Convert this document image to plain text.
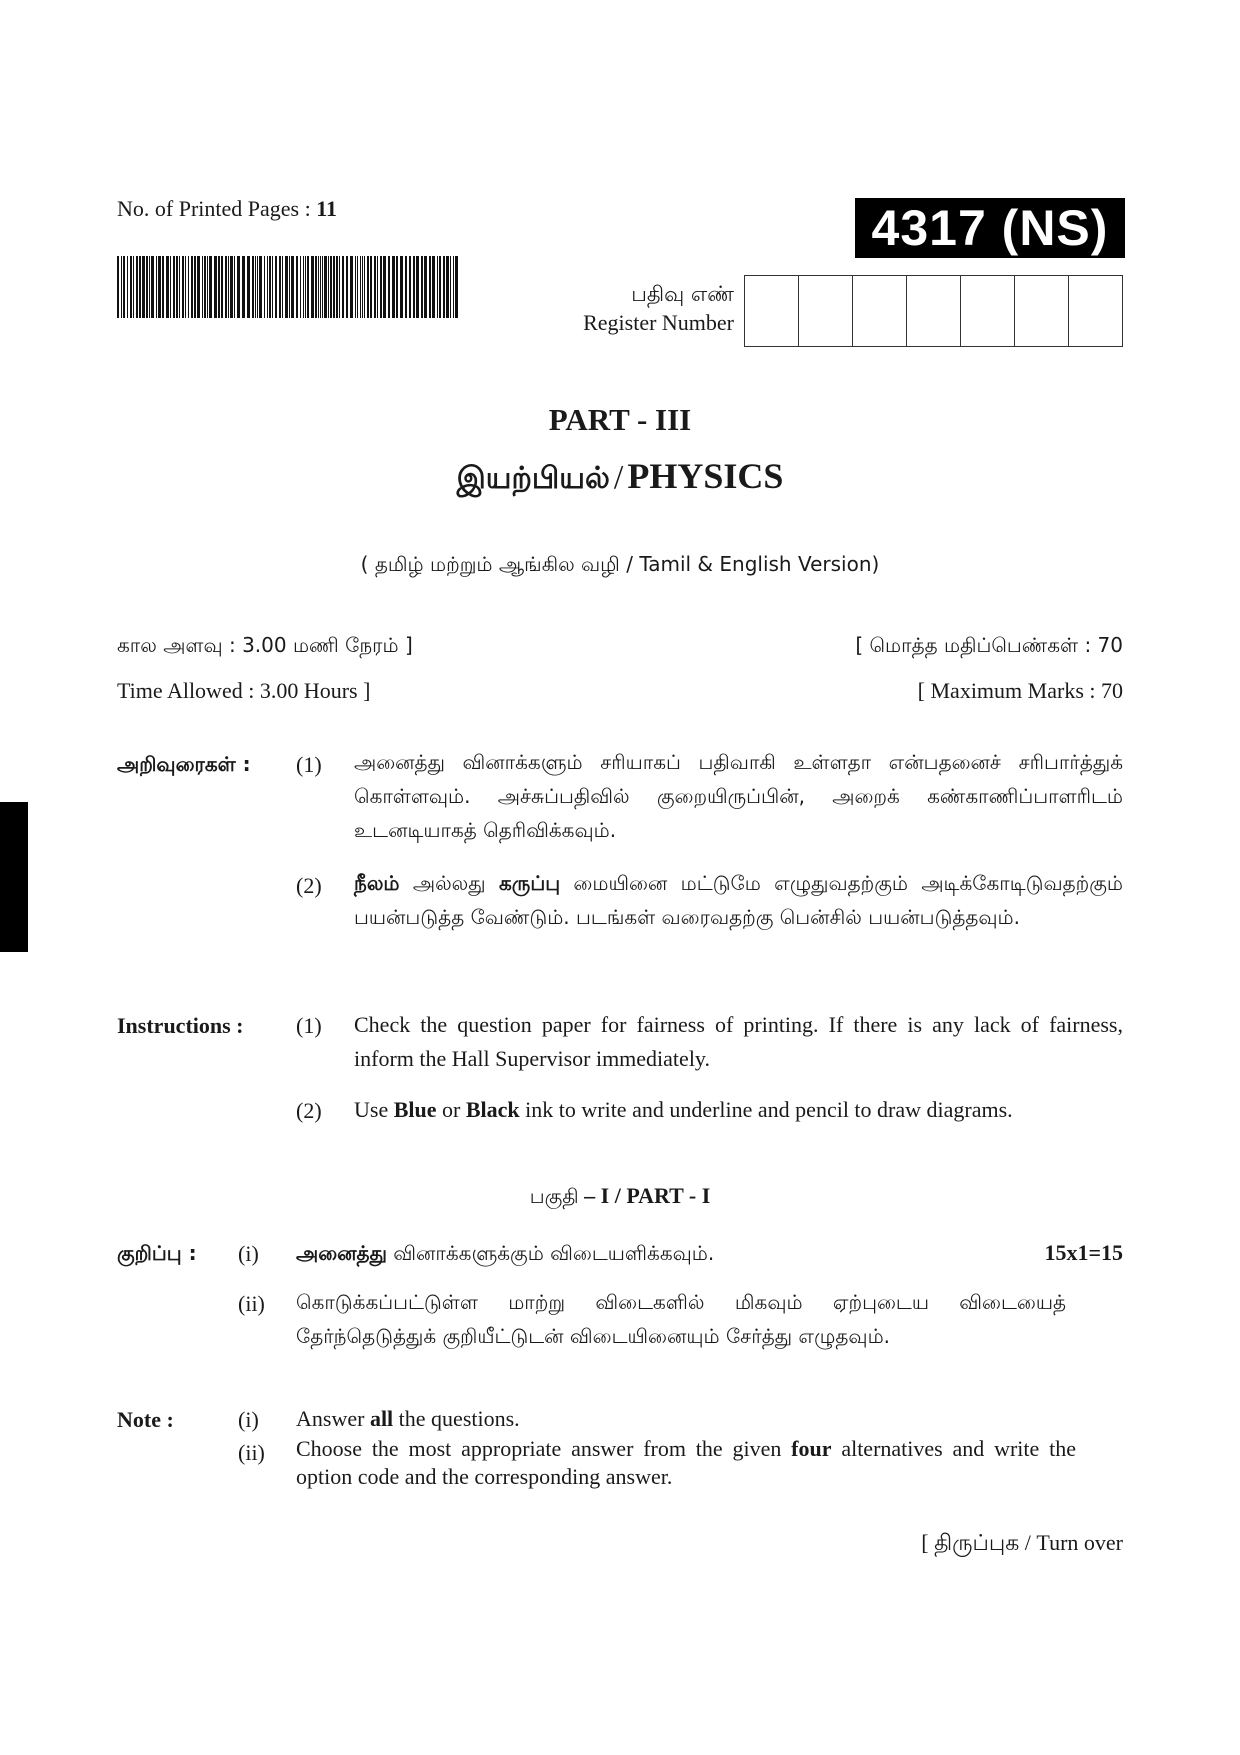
No. of Printed Pages : 11	4317 (NS)
பதிவு எண்
Register Number
PART - III
இயற்பியல் / PHYSICS
( தமிழ் மற்றும் ஆங்கில வழி / Tamil & English Version)
கால அளவு : 3.00 மணி நேரம் ]	[ மொத்த மதிப்பெண்கள் : 70
Time Allowed : 3.00 Hours ]	[ Maximum Marks : 70
அறிவுரைகள் : (1) அனைத்து வினாக்களும் சரியாகப் பதிவாகி உள்ளதா என்பதனைச் சரிபார்த்துக் கொள்ளவும். அச்சுப்பதிவில் குறையிருப்பின், அறைக் கண்காணிப்பாளரிடம் உடனடியாகத் தெரிவிக்கவும்.
(2) நீலம் அல்லது கருப்பு மையினை மட்டுமே எழுதுவதற்கும் அடிக்கோடிடுவதற்கும் பயன்படுத்த வேண்டும். படங்கள் வரைவதற்கு பென்சில் பயன்படுத்தவும்.
Instructions : (1) Check the question paper for fairness of printing. If there is any lack of fairness, inform the Hall Supervisor immediately.
(2) Use Blue or Black ink to write and underline and pencil to draw diagrams.
பகுதி – I / PART - I
குறிப்பு : (i) அனைத்து வினாக்களுக்கும் விடையளிக்கவும்.	15x1=15
(ii) கொடுக்கப்பட்டுள்ள மாற்று விடைகளில் மிகவும் ஏற்புடைய விடையைத் தேர்ந்தெடுத்துக் குறியீட்டுடன் விடையினையும் சேர்த்து எழுதவும்.
Note :	(i) Answer all the questions.
(ii) Choose the most appropriate answer from the given four alternatives and write the option code and the corresponding answer.
[ திருப்புக / Turn over
